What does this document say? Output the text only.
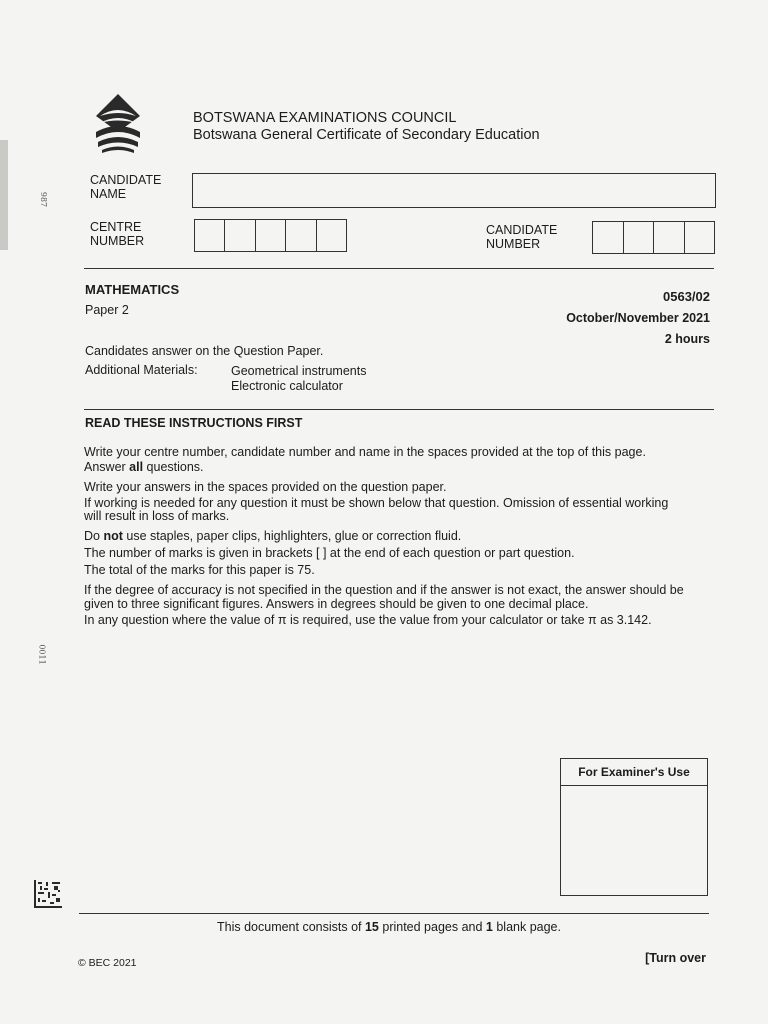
BOTSWANA EXAMINATIONS COUNCIL
Botswana General Certificate of Secondary Education
CANDIDATE
NAME
CENTRE
NUMBER
CANDIDATE
NUMBER
MATHEMATICS
Paper 2
0563/02
October/November 2021
2 hours
Candidates answer on the Question Paper.
Additional Materials:	Geometrical instruments
Electronic calculator
READ THESE INSTRUCTIONS FIRST
Write your centre number, candidate number and name in the spaces provided at the top of this page.
Answer all questions.
Write your answers in the spaces provided on the question paper.
If working is needed for any question it must be shown below that question. Omission of essential working
will result in loss of marks.
Do not use staples, paper clips, highlighters, glue or correction fluid.
The number of marks is given in brackets [ ] at the end of each question or part question.
The total of the marks for this paper is 75.
If the degree of accuracy is not specified in the question and if the answer is not exact, the answer should be
given to three significant figures. Answers in degrees should be given to one decimal place.
In any question where the value of π is required, use the value from your calculator or take π as 3.142.
For Examiner's Use
This document consists of 15 printed pages and 1 blank page.
© BEC 2021	[Turn over
987
0011
